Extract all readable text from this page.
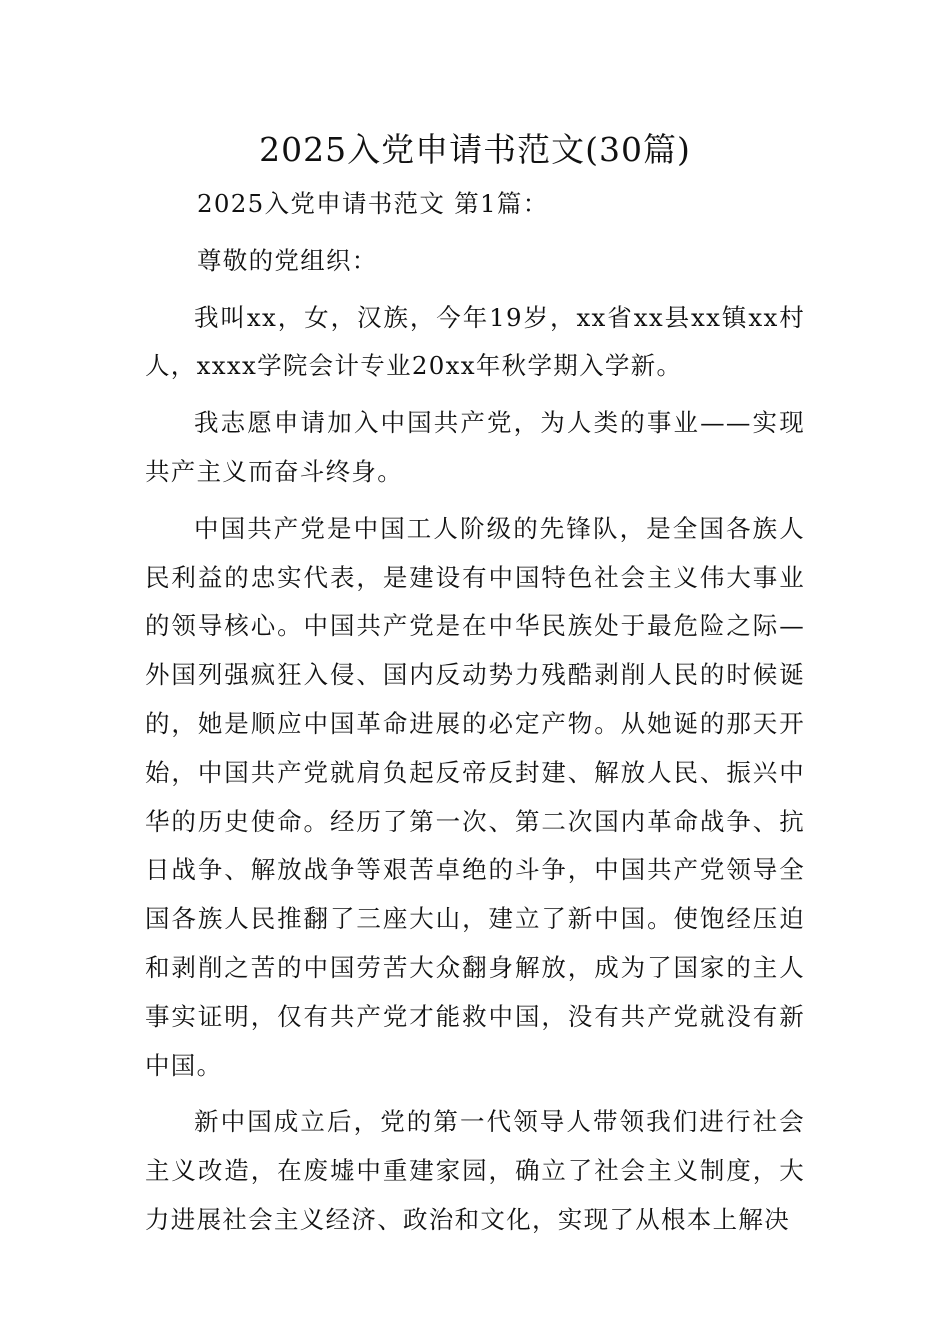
2025入党申请书范文(30篇)

2025入党申请书范文 第1篇：

尊敬的党组织：

我叫xx，女，汉族，今年19岁，xx省xx县xx镇xx村人，xxxx学院会计专业20xx年秋学期入学新。

我志愿申请加入中国共产党，为人类的事业——实现共产主义而奋斗终身。

中国共产党是中国工人阶级的先锋队，是全国各族人民利益的忠实代表，是建设有中国特色社会主义伟大事业的领导核心。中国共产党是在中华民族处于最危险之际—外国列强疯狂入侵、国内反动势力残酷剥削人民的时候诞的，她是顺应中国革命进展的必定产物。从她诞的那天开始，中国共产党就肩负起反帝反封建、解放人民、振兴中华的历史使命。经历了第一次、第二次国内革命战争、抗日战争、解放战争等艰苦卓绝的斗争，中国共产党领导全国各族人民推翻了三座大山，建立了新中国。使饱经压迫和剥削之苦的中国劳苦大众翻身解放，成为了国家的主人事实证明，仅有共产党才能救中国，没有共产党就没有新中国。

新中国成立后，党的第一代领导人带领我们进行社会主义改造，在废墟中重建家园，确立了社会主义制度，大力进展社会主义经济、政治和文化，实现了从根本上解决
